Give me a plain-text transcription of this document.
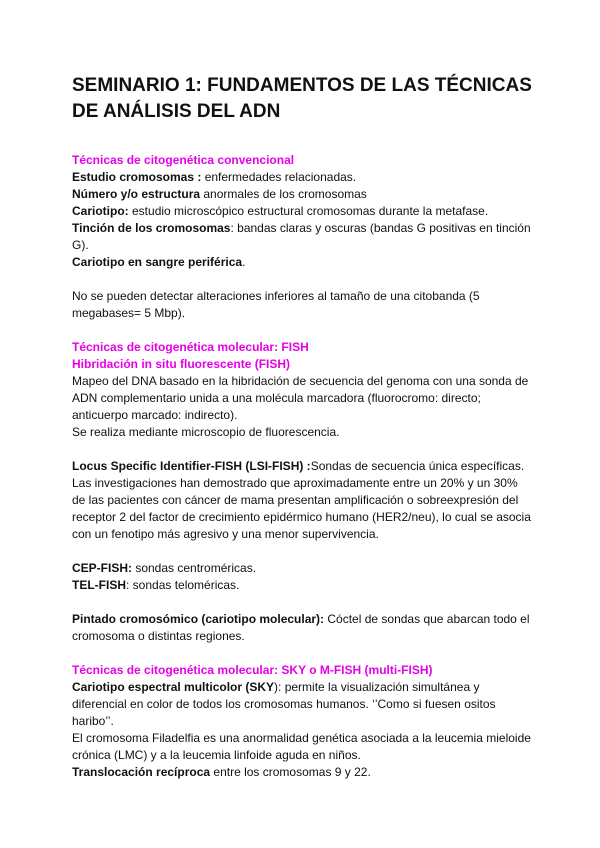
SEMINARIO 1: FUNDAMENTOS DE LAS TÉCNICAS DE ANÁLISIS DEL ADN

Técnicas de citogenética convencional

Estudio cromosomas : enfermedades relacionadas.

Número y/o estructura anormales de los cromosomas

Cariotipo: estudio microscópico estructural cromosomas durante la metafase.

Tinción de los cromosomas: bandas claras y oscuras (bandas G positivas en tinción G).

Cariotipo en sangre periférica.

No se pueden detectar alteraciones inferiores al tamaño de una citobanda (5 megabases= 5 Mbp).

Técnicas de citogenética molecular: FISH

Hibridación in situ fluorescente (FISH)

Mapeo del DNA basado en la hibridación de secuencia del genoma con una sonda de ADN complementario unida a una molécula marcadora (fluorocromo: directo; anticuerpo marcado: indirecto).

Se realiza mediante microscopio de fluorescencia.

Locus Specific Identifier-FISH (LSI-FISH) :Sondas de secuencia única específicas.

Las investigaciones han demostrado que aproximadamente entre un 20% y un 30% de las pacientes con cáncer de mama presentan amplificación o sobreexpresión del receptor 2 del factor de crecimiento epidérmico humano (HER2/neu), lo cual se asocia con un fenotipo más agresivo y una menor supervivencia.

CEP-FISH: sondas centroméricas.

TEL-FISH: sondas teloméricas.

Pintado cromosómico (cariotipo molecular): Cóctel de sondas que abarcan todo el cromosoma o distintas regiones.

Técnicas de citogenética molecular: SKY o M-FISH (multi-FISH)

Cariotipo espectral multicolor (SKY): permite la visualización simultánea y diferencial en color de todos los cromosomas humanos. ‘’Como si fuesen ositos haribo’’.

El cromosoma Filadelfia es una anormalidad genética asociada a la leucemia mieloide crónica (LMC) y a la leucemia linfoide aguda en niños.

Translocación recíproca entre los cromosomas 9 y 22.
